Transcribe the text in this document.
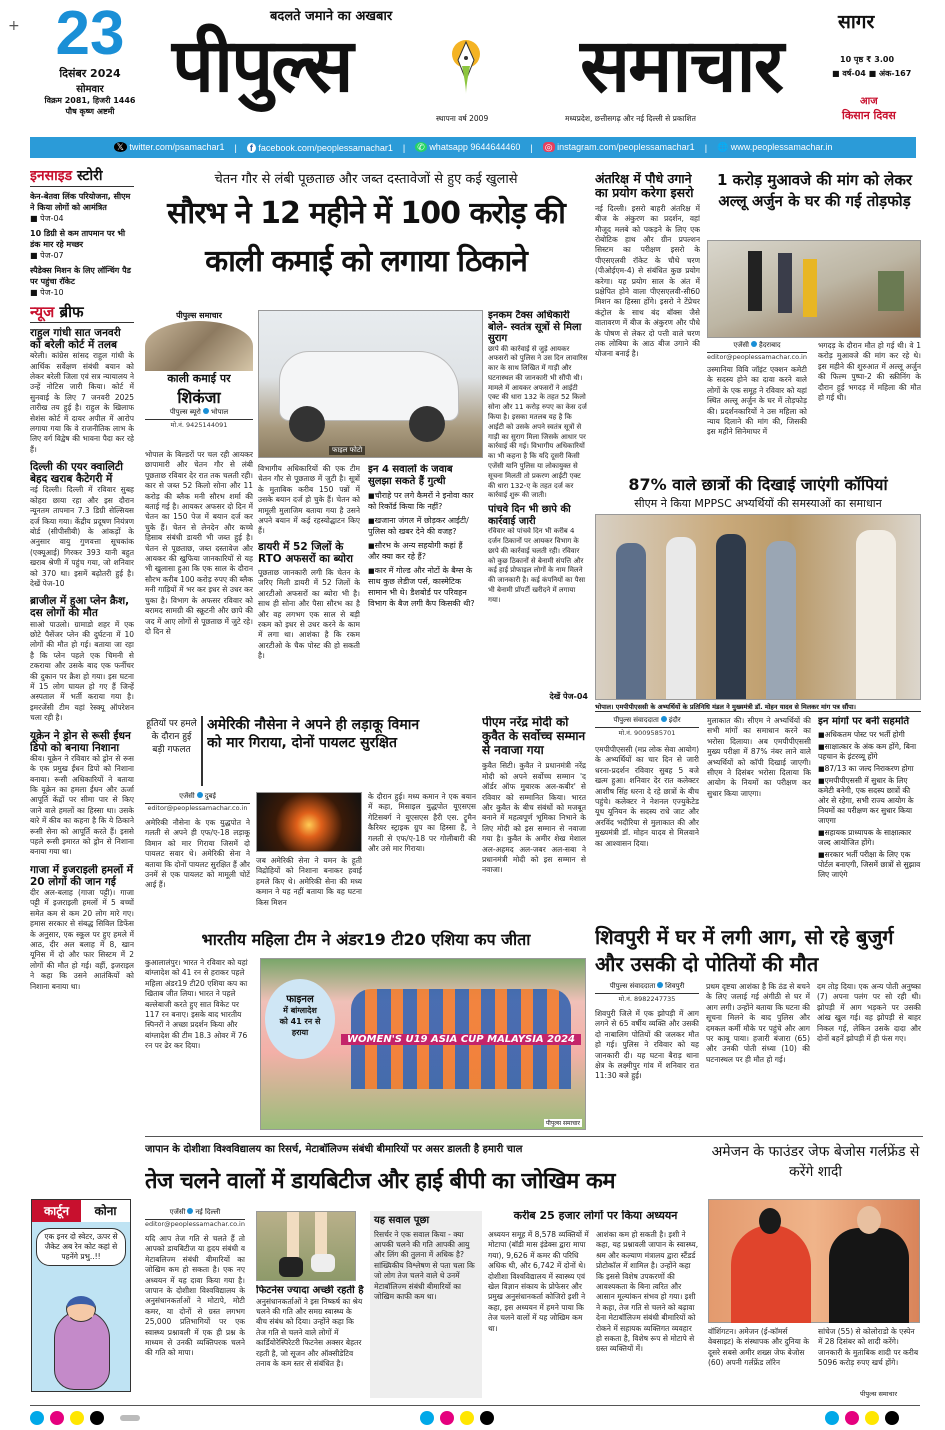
+ 23
दिसंबर 2024
सोमवार
विक्रम 2081, हिजरी 1446
पौष कृष्ण अष्टमी
बदलते जमाने का अखबार
पीपुल्स	समाचार
स्थापना वर्ष 2009	मध्यप्रदेश, छत्तीसगढ़ और नई दिल्ली से प्रकाशित
सागर
10 पृष्ठ ₹ 3.00
■ वर्ष-04 ■ अंक-167
आज
किसान दिवस
𝕏 twitter.com/psamachar1 |	f facebook.com/peoplessamachar1 | ✆ whatsapp 9644644460 | ◎ instagram.com/peoplessamachar1 | 🌐 www.peoplessamachar.in
इनसाइड स्टोरी
केन-बेतवा लिंक परियोजना, सीएम ने किया लोगों को आमंत्रित
■ पेज-04
10 डिग्री से कम तापमान पर भी डंक मार रहे मच्छर
■ पेज-07
स्पैडेक्स मिशन के लिए लॉन्चिंग पैड पर पहुंचा रॉकेट
■ पेज-10
न्यूज ब्रीफ
राहुल गांधी सात जनवरी को बरेली कोर्ट में तलब
बरेली। कांग्रेस सांसद राहुल गांधी के आर्थिक सर्वेक्षण संबंधी बयान को लेकर बरेली जिला एवं सत्र न्यायालय ने उन्हें नोटिस जारी किया। कोर्ट में सुनवाई के लिए 7 जनवरी 2025 तारीख तय हुई है। राहुल के खिलाफ सेशंस कोर्ट में दायर अपील में आरोप लगाया गया कि वे राजनीतिक लाभ के लिए वर्ग विद्वेष की भावना पैदा कर रहे हैं।
दिल्ली की एयर क्वालिटी बेहद खराब कैटेगरी में
नई दिल्ली। दिल्ली में रविवार सुबह कोहरा छाया रहा और इस दौरान न्यूनतम तापमान 7.3 डिग्री सेल्सियस दर्ज किया गया। केंद्रीय प्रदूषण नियंत्रण बोर्ड (सीपीसीबी) के आंकड़ों के अनुसार वायु गुणवत्ता सूचकांक (एक्यूआई) गिरकर 393 यानी बहुत खराब श्रेणी में पहुंच गया, जो शनिवार को 370 था। इसमें बढ़ोतरी हुई है। देखें पेज-10
ब्राजील में हुआ प्लेन क्रैश, दस लोगों की मौत
साओ पाउलो। ग्रामाडो शहर में एक छोटे पैसेंजर प्लेन की दुर्घटना में 10 लोगों की मौत हो गई। बताया जा रहा है कि प्लेन पहले एक चिमनी से टकराया और उसके बाद एक फर्नीचर की दुकान पर क्रैश हो गया। इस घटना में 15 लोग घायल हो गए हैं जिन्हें अस्पताल में भर्ती कराया गया है। इमरजेंसी टीम यहां रेस्क्यू ऑपरेशन चला रही है।
यूक्रेन ने ड्रोन से रूसी ईंधन डिपो को बनाया निशाना
कीव। यूक्रेन ने रविवार को ड्रोन से रूस के एक प्रमुख ईंधन डिपो को निशाना बनाया। रूसी अधिकारियों ने बताया कि यूक्रेन का हमला ईंधन और ऊर्जा आपूर्ति केंद्रों पर सीमा पार से किए जाने वाले हमलों का हिस्सा था। उसके बारे में कीव का कहना है कि ये ठिकाने रूसी सेना को आपूर्ति करते हैं। इससे पहले रूसी इमारत को ड्रोन से निशाना बनाया गया था।
गाजा में इजराइली हमलों में 20 लोगों की जान गई
दीर अल-बलाह (गाजा पट्टी)। गाजा पट्टी में इजराइली हमलों में 5 बच्चों समेत कम से कम 20 लोग मारे गए। हमास सरकार से संबद्ध सिविल डिफेंस के अनुसार, एक स्कूल पर हुए हमले में आठ, दीर अल बलाह में 8, खान यूनिस में दो और फार सिस्टम में 2 लोगों की मौत हो गई। वहीं, इजराइल ने कहा कि उसने आतंकियों को निशाना बनाया था।
कार्टून	कोना
एक इनर दो स्वेटर, ऊपर से जैकेट अब रेन कोट कहां से पहनेंगे प्रभु..!!
चेतन गौर से लंबी पूछताछ और जब्त दस्तावेजों से हुए कई खुलासे
सौरभ ने 12 महीने में 100 करोड़ की
काली कमाई को लगाया ठिकाने
पीपुल्स समाचार
काली कमाई पर
शिकंजा
पीपुल्स ब्यूरो भोपाल
मो.नं. 9425144091
भोपाल के बिल्डरों पर चल रही आयकर छापामारी और चेतन गौर से लंबी पूछताछ रविवार देर रात तक चलती रही। कार से जब्त 52 किलो सोना और 11 करोड़ की ब्लैक मनी सौरभ शर्मा की बताई गई है। आयकर अफसर दो दिन में चेतन का 150 पेज में बयान दर्ज कर चुके हैं। चेतन से लेनदेन और कच्चे हिसाब संबंधी डायरी भी जब्त हुई है। चेतन से पूछताछ, जब्त दस्तावेज और आयकर की खुफिया जानकारियों से यह भी खुलासा हुआ कि एक साल के दौरान सौरभ करीब 100 करोड़ रुपए की ब्लैक मनी गाड़ियों में भर कर इधर से उधर कर चुका है। विभाग के अफसर रविवार को बरामद सामग्री की स्क्रूटनी और छापे की जद में आए लोगों से पूछताछ में जुटे रहे। दो दिन से
फाइल फोटो
विभागीय अधिकारियों की एक टीम चेतन गौर से पूछताछ में जुटी है। सूत्रों के मुताबिक करीब 150 पन्नों में उसके बयान दर्ज हो चुके हैं। चेतन को मामूली मुलाजिम बताया गया है उसने अपने बयान में कई रहस्योद्घाटन किए हैं।
डायरी में 52 जिलों के RTO अफसरों का ब्योरा
पूछताछ जानकारी लगी कि चेतन के जरिए मिली डायरी में 52 जिलों के आरटीओ अफसरों का ब्योरा भी है। साथ ही सोना और पैसा सौरभ का है और वह लगभग एक साल से बड़ी रकम को इधर से उधर करने के काम में लगा था। आशंका है कि रकम आरटीओ के चैक पोस्ट की हो सकती है।
इन 4 सवालों के जवाब सुलझा सकते हैं गुत्थी
■ चौराहे पर लगे कैमरों ने इनोवा कार को रिकॉर्ड किया कि नहीं?
■ खजाना जंगल में छोड़कर आईटी/ पुलिस को खबर देने की वजह?
■ सौरभ के अन्य सहयोगी कहां हैं और क्या कर रहे हैं?
■ कार में गोल्ड और नोटों के बैग्स के साथ कुछ लेडीज पर्स, कास्मेटिक सामान भी थे। डैशबोर्ड पर परिवहन विभाग के बैज लगी कैप किसकी थी?
इनकम टैक्स अधिकारी बोले- स्वतंत्र सूत्रों से मिला सुराग
छापे की कार्रवाई से जुड़े आयकर अफसरों को पुलिस ने उस दिन लावारिस कार के साथ लिखित में गाड़ी और घटनास्थल की जानकारी भी सौंपी थी। मामले में आयकर अफसरों ने आईटी एक्ट की धारा 132 के तहत 52 किलो सोना और 11 करोड़ रुपए का केस दर्ज किया है। इसका मतलब यह है कि आईटी को उसके अपने स्वतंत्र सूत्रों से गाड़ी का सुराग मिला जिसके आधार पर कार्रवाई की गई। विभागीय अधिकारियों का भी कहना है कि यदि दूसरी किसी एजेंसी यानि पुलिस या लोकायुक्त से सूचना मिलती तो प्रकरण आईटी एक्ट की धारा 132-ए के तहत दर्ज कर कार्रवाई शुरू की जाती।
पांचवे दिन भी छापे की कार्रवाई जारी
रविवार को पांचवे दिन भी करीब 4 दर्जन ठिकानों पर आयकर विभाग के छापे की कार्रवाई चलती रही। रविवार को कुछ ठिकानों से बेनामी संपत्ति और कई हाई प्रोफाइल लोगों के नाम मिलने की जानकारी है। कई कंपनियों का पैसा भी बेनामी प्रॉपर्टी खरीदने में लगाया गया।
देखें पेज-04
अंतरिक्ष में पौधे उगाने का प्रयोग करेगा इसरो
नई दिल्ली। इसरो बाहरी अंतरिक्ष में बीज के अंकुरण का प्रदर्शन, वहां मौजूद मलबे को पकड़ने के लिए एक रोबोटिक हाथ और ग्रीन प्रपल्शन सिस्टम का परीक्षण इसरो के पीएसएलवी रॉकेट के चौथे चरण (पीओईएम-4) से संबंधित कुछ प्रयोग करेगा। यह प्रयोग साल के अंत में प्रक्षेपित होने वाला पीएसएलवी-सी60 मिशन का हिस्सा होंगे। इसरो ने टेंप्रेचर कंट्रोल के साथ बंद बॉक्स जैसे वातावरण में बीज के अंकुरण और पौधे के पोषण से लेकर दो पत्ती वाले चरण तक लोबिया के आठ बीज उगाने की योजना बनाई है।
1 करोड़ मुआवजे की मांग को लेकर अल्लू अर्जुन के घर की गई तोड़फोड़
एजेंसी हैदराबाद
editor@peoplessamachar.co.in
उस्मानिया विवि जॉइंट एक्शन कमेटी के सदस्य होने का दावा करने वाले लोगों के एक समूह ने रविवार को यहां स्थित अल्लू अर्जुन के घर में तोड़फोड़ की। प्रदर्शनकारियों ने उस महिला को न्याय दिलाने की मांग की, जिसकी इस महीने सिनेमाघर में
भगदड़ के दौरान मौत हो गई थी। वे 1 करोड़ मुआवजे की मांग कर रहे थे। इस महीने की शुरुआत में अल्लू अर्जुन की फिल्म पुष्पा-2 की स्क्रीनिंग के दौरान हुई भगदड़ में महिला की मौत हो गई थी।
87% वाले छात्रों की दिखाई जाएंगी कॉपियां
सीएम ने किया MPPSC अभ्यर्थियों की समस्याओं का समाधान
भोपाल। एमपीपीएससी के अभ्यर्थियों के प्रतिनिधि मंडल ने मुख्यमंत्री डॉ. मोहन यादव से मिलकर मांग पत्र सौंपा।
पीपुल्स संवाददाता इंदौर
मो.नं. 9009585701
एमपीपीएससी (मप्र लोक सेवा आयोग) के अभ्यर्थियों का चार दिन से जारी धरना-प्रदर्शन रविवार सुबह 5 बजे खत्म हुआ। शनिवार देर रात कलेक्टर आशीष सिंह धरना दे रहे छात्रों के बीच पहुंचे। कलेक्टर ने नेशनल एज्युकेटेड यूथ यूनियन के सदस्य राधे जाट और अरविंद भदौरिया से मुलाकात की और मुख्यमंत्री डॉ. मोहन यादव से मिलवाने का आश्वासन दिया।
मुलाकात की। सीएम ने अभ्यर्थियों की सभी मांगों का समाधान करने का भरोसा दिलाया। अब एमपीपीएससी मुख्य परीक्षा में 87% नंबर लाने वाले अभ्यर्थियों को कॉपी दिखाई जाएगी। सीएम ने दिसंबर भरोसा दिलाया कि आयोग के नियमों का परीक्षण कर सुधार किया जाएगा।
इन मांगों पर बनी सहमति
■ अधिकतम पोस्ट पर भर्ती होगी
■ साक्षात्कार के अंक कम होंगे, बिना पहचान के इंटरव्यू होंगे
■ 87/13 का जल्द निराकरण होगा
■ एमपीपीएससी में सुधार के लिए कमेटी बनेगी, एक सदस्य छात्रों की ओर से रहेगा, सभी राज्य आयोग के नियमों का परीक्षण कर सुधार किया जाएगा
■ सहायक प्राध्यापक के साक्षात्कार जल्द आयोजित होंगे।
■ सरकार भर्ती परीक्षा के लिए एक पोर्टल बनाएगी, जिसमें छात्रों से सुझाव लिए जाएंगे
हूतियों पर हमले के दौरान हुई बड़ी गफलत
अमेरिकी नौसेना ने अपने ही लड़ाकू विमान
को मार गिराया, दोनों पायलट सुरक्षित
एजेंसी दुबई
editor@peoplessamachar.co.in
अमेरिकी नौसेना के एक युद्धपोत ने गलती से अपने ही एफ/ए-18 लड़ाकू विमान को मार गिराया जिसमें दो पायलट सवार थे। अमेरिकी सेना ने बताया कि दोनों पायलट सुरक्षित हैं और उनमें से एक पायलट को मामूली चोटें आई हैं।
जब अमेरिकी सेना ने यमन के हूती विद्रोहियों को निशाना बनाकर हवाई हमले किए थे। अमेरिकी सेना की मध्य कमान ने यह नहीं बताया कि वह घटना किस मिशन
के दौरान हुई। मध्य कमान ने एक बयान में कहा, मिसाइल युद्धपोत यूएसएस गेटिसबर्ग ने यूएसएस हैरी एस. ट्रूमैन कैरियर स्ट्राइक ग्रुप का हिस्सा है, ने गलती से एफ/ए-18 पर गोलीबारी की और उसे मार गिराया।
पीएम नरेंद्र मोदी को कुवैत के सर्वोच्च सम्मान से नवाजा गया
कुवैत सिटी। कुवैत ने प्रधानमंत्री नरेंद्र मोदी को अपने सर्वोच्च सम्मान 'द ऑर्डर ऑफ मुबारक अल-कबीर' से रविवार को सम्मानित किया। भारत और कुवैत के बीच संबंधों को मजबूत बनाने में महत्वपूर्ण भूमिका निभाने के लिए मोदी को इस सम्मान से नवाजा गया है। कुवैत के अमीर शेख मेशाल अल-अहमद अल-जबर अल-सबा ने प्रधानमंत्री मोदी को इस सम्मान से नवाजा।
भारतीय महिला टीम ने अंडर19 टी20 एशिया कप जीता
कुआलालंपुर। भारत ने रविवार को यहां बांग्लादेश को 41 रन से हराकर पहले महिला अंडर19 टी20 एशिया कप का खिताब जीत लिया। भारत ने पहले बल्लेबाजी करते हुए सात विकेट पर 117 रन बनाए। इसके बाद भारतीय स्पिनरों ने अच्छा प्रदर्शन किया और बांग्लादेश की टीम 18.3 ओवर में 76 रन पर ढेर कर दिया।
WOMEN'S U19 ASIA CUP MALAYSIA 2024
फाइनल
में बांग्लादेश
को 41 रन से
हराया
पीपुल्स समाचार
शिवपुरी में घर में लगी आग, सो रहे बुजुर्ग और उसकी दो पोतियों की मौत
पीपुल्स संवाददाता शिवपुरी
मो.नं. 8982247735
शिवपुरी जिले में एक झोपड़ी में आग लगने से 65 वर्षीय व्यक्ति और उसकी दो नाबालिग पोतियों की जलकर मौत हो गई। पुलिस ने रविवार को यह जानकारी दी। यह घटना बैराड़ थाना क्षेत्र के लक्ष्मीपुर गांव में शनिवार रात 11:30 बजे हुई।
प्रथम दृष्टया आशंका है कि ठंड से बचने के लिए जलाई गई अंगीठी से घर में आग लगी। उन्होंने बताया कि घटना की सूचना मिलने के बाद पुलिस और दमकल कर्मी मौके पर पहुंचे और आग पर काबू पाया। हजारी बंजारा (65) और उनकी पोती संध्या (10) की घटनास्थल पर ही मौत हो गई।
दम तोड़ दिया। एक अन्य पोती अनुष्का (7) अपना पलंग पर सो रही थी। झोपड़ी में आग भड़कने पर उसकी आंख खुल गई। वह झोपड़ी से बाहर निकल गई, लेकिन उसके दादा और दोनों बहनें झोपड़ी में ही फंस गए।
जापान के दोशीशा विश्वविद्यालय का रिसर्च, मेटाबॉलिज्म संबंधी बीमारियों पर असर डालती है हमारी चाल
तेज चलने वालों में डायबिटीज और हाई बीपी का जोखिम कम
एजेंसी नई दिल्ली
editor@peoplessamachar.co.in
यदि आप तेज गति से चलते हैं तो आपको डायबिटीज या हृदय संबंधी व मेटाबलिज्म संबंधी बीमारियों का जोखिम कम हो सकता है। एक नए अध्ययन में यह दावा किया गया है। जापान के दोशीशा विश्वविद्यालय के अनुसंधानकर्ताओं ने मोटापे, मोटी कमर, या दोनों से ग्रस्त लगभग 25,000 प्रतिभागियों पर एक स्वास्थ्य प्रश्नावली में एक ही प्रश्न के माध्यम से उनकी व्यक्तिपरक चलने की गति को मापा।
फिटनेस ज्यादा अच्छी रहती है
अनुसंधानकर्ताओं ने इस निष्कर्ष का श्रेय चलने की गति और समग्र स्वास्थ्य के बीच संबंध को दिया। उन्होंने कहा कि तेज गति से चलने वाले लोगों में कार्डियोरेस्पिरेटरी फिटनेस अक्सर बेहतर रहती है, जो सूजन और ऑक्सीडेटिव तनाव के कम स्तर से संबंधित है।
यह सवाल पूछा
रिसर्चर ने एक सवाल किया - क्या आपकी चलने की गति आपकी आयु और लिंग की तुलना में अधिक है? सांख्यिकीय विश्लेषण से पता चला कि जो लोग तेज चलने वाले थे उनमें मेटाबॉलिज्म संबंधी बीमारियों का जोखिम काफी कम था।
करीब 25 हजार लोगों पर किया अध्ययन
अध्ययन समूह में 8,578 व्यक्तियों में मोटापा (बॉडी मास इंडेक्स द्वारा मापा गया), 9,626 में कमर की परिधि अधिक थी, और 6,742 में दोनों थे। दोशीशा विश्वविद्यालय में स्वास्थ्य एवं खेल विज्ञान संकाय के प्रोफेसर और प्रमुख अनुसंधानकर्ता कोजिरो इशी ने कहा, इस अध्ययन में हमने पाया कि तेज चलने वालों में यह जोखिम कम था।
आशंका कम हो सकती है। इशी ने कहा, यह प्रश्नावली जापान के स्वास्थ्य, श्रम और कल्याण मंत्रालय द्वारा स्टैंडर्ड प्रोटोकॉल में शामिल है। उन्होंने कहा कि इससे विशेष उपकरणों की आवश्यकता के बिना त्वरित और आसान मूल्यांकन संभव हो गया। इशी ने कहा, तेज गति से चलने को बढ़ावा देना मेटाबॉलिज्म संबंधी बीमारियों को रोकने में सहायक व्यक्तिगत व्यवहार हो सकता है, विशेष रूप से मोटापे से ग्रस्त व्यक्तियों में।
अमेजन के फाउंडर जेफ बेजोस गर्लफ्रेंड से करेंगे शादी
वॉशिंगटन। अमेजन (ई-कॉमर्स वेबसाइट) के संस्थापक और दुनिया के दूसरे सबसे अमीर शख्स जेफ बेजोस (60) अपनी गर्लफ्रेंड लॉरेन
सांचेज (55) से कोलोराडो के एस्पेन में 28 दिसंबर को शादी करेंगे। जानकारी के मुताबिक शादी पर करीब 5096 करोड़ रुपए खर्च होंगे।
पीपुल्स समाचार
